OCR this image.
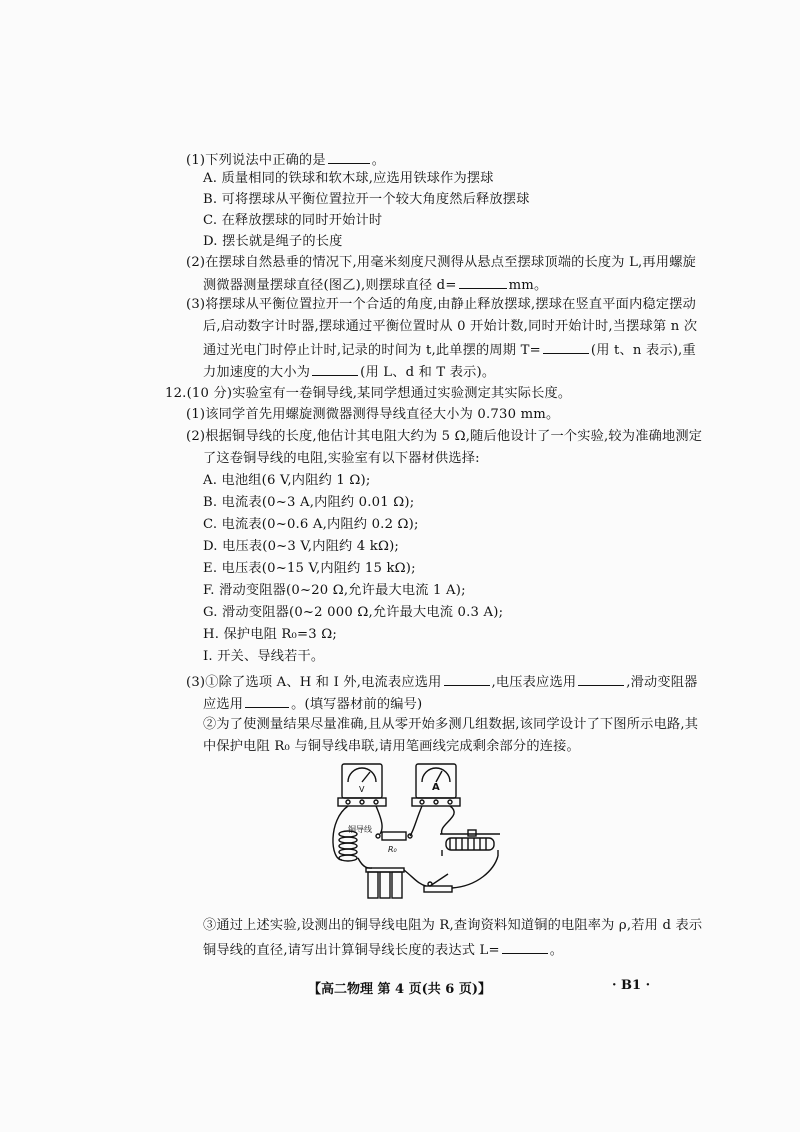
(1)下列说法中正确的是	。
A. 质量相同的铁球和软木球,应选用铁球作为摆球
B. 可将摆球从平衡位置拉开一个较大角度然后释放摆球
C. 在释放摆球的同时开始计时
D. 摆长就是绳子的长度
(2)在摆球自然悬垂的情况下,用毫米刻度尺测得从悬点至摆球顶端的长度为 L,再用螺旋
测微器测量摆球直径(图乙),则摆球直径 d=	mm。
(3)将摆球从平衡位置拉开一个合适的角度,由静止释放摆球,摆球在竖直平面内稳定摆动
后,启动数字计时器,摆球通过平衡位置时从 0 开始计数,同时开始计时,当摆球第 n 次
通过光电门时停止计时,记录的时间为 t,此单摆的周期 T=	(用 t、n 表示),重
力加速度的大小为	(用 L、d 和 T 表示)。
12.(10 分)实验室有一卷铜导线,某同学想通过实验测定其实际长度。
(1)该同学首先用螺旋测微器测得导线直径大小为 0.730 mm。
(2)根据铜导线的长度,他估计其电阻大约为 5 Ω,随后他设计了一个实验,较为准确地测定
了这卷铜导线的电阻,实验室有以下器材供选择:
A. 电池组(6 V,内阻约 1 Ω);
B. 电流表(0~3 A,内阻约 0.01 Ω);
C. 电流表(0~0.6 A,内阻约 0.2 Ω);
D. 电压表(0~3 V,内阻约 4 kΩ);
E. 电压表(0~15 V,内阻约 15 kΩ);
F. 滑动变阻器(0~20 Ω,允许最大电流 1 A);
G. 滑动变阻器(0~2 000 Ω,允许最大电流 0.3 A);
H. 保护电阻 R₀=3 Ω;
I. 开关、导线若干。
(3)①除了选项 A、H 和 I 外,电流表应选用	,电压表应选用	,滑动变阻器
应选用	。(填写器材前的编号)
②为了使测量结果尽量准确,且从零开始多测几组数据,该同学设计了下图所示电路,其
中保护电阻 R₀ 与铜导线串联,请用笔画线完成剩余部分的连接。
V	A
铜导线
R₀
③通过上述实验,设测出的铜导线电阻为 R,查询资料知道铜的电阻率为 ρ,若用 d 表示
铜导线的直径,请写出计算铜导线长度的表达式 L=	。
【高二物理 第 4 页(共 6 页)】	· B1 ·
